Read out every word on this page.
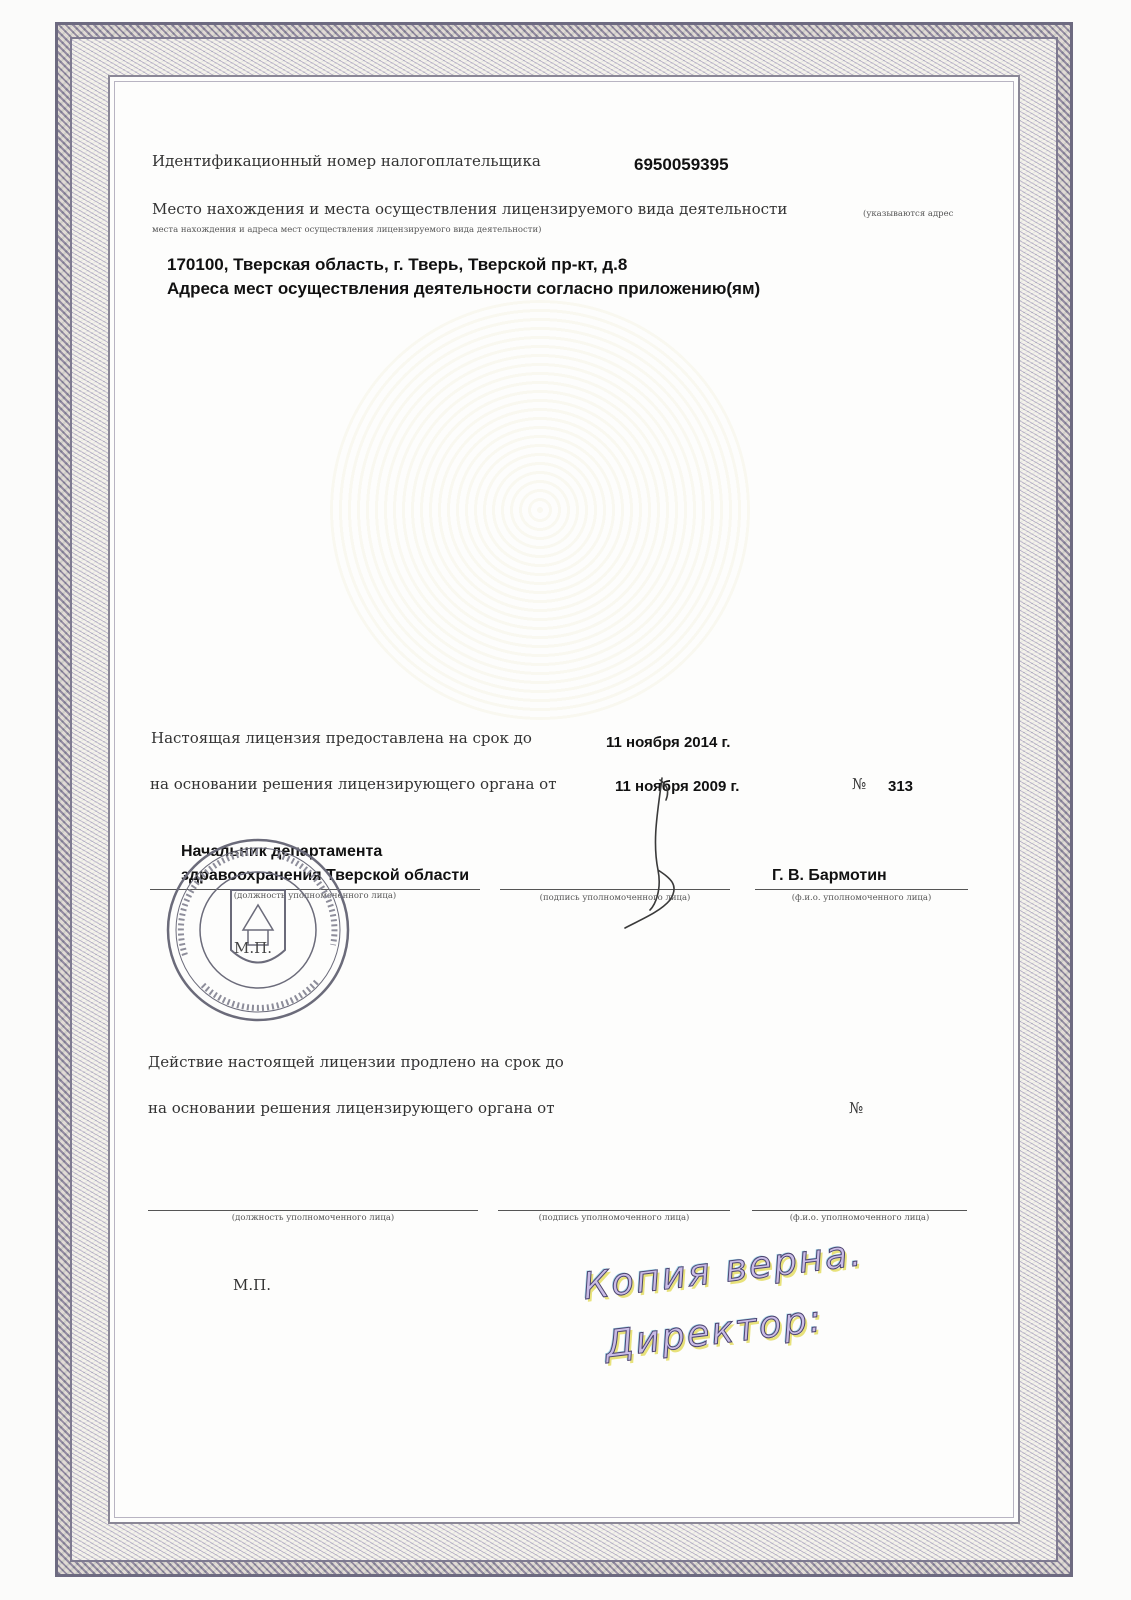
Идентификационный номер налогоплательщика	6950059395
Место нахождения и места осуществления лицензируемого вида деятельности	(указываются адрес
места нахождения и адреса мест осуществления лицензируемого вида деятельности)
170100, Тверская область, г. Тверь, Тверской пр-кт, д.8
Адреса мест осуществления деятельности согласно приложению(ям)
Настоящая лицензия предоставлена на срок до	11 ноября 2014 г.
на основании решения лицензирующего органа от	11 ноября 2009 г.	№ 313
Начальник департамента
здравоохранения Тверской области	Г. В. Бармотин
(должность уполномоченного лица)	(подпись уполномоченного лица)	(ф.и.о. уполномоченного лица)
М.П.
Действие настоящей лицензии продлено на срок до
на основании решения лицензирующего органа от	№
(должность уполномоченного лица)	(подпись уполномоченного лица)	(ф.и.о. уполномоченного лица)
М.П.	Копия верна.
Директор:
